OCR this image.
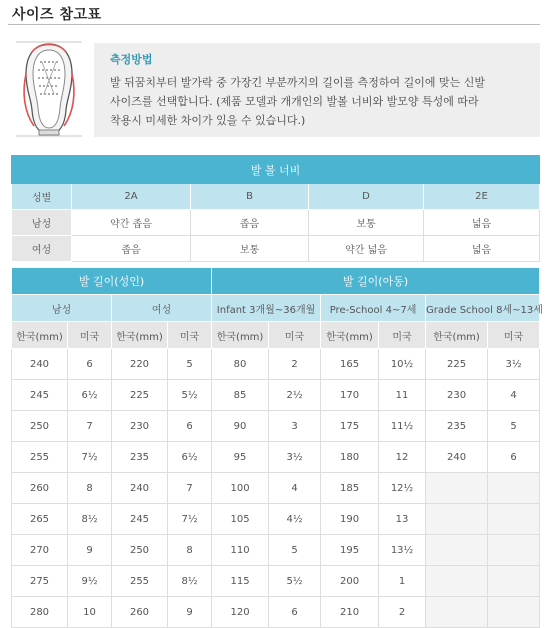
사이즈 참고표
측정방법
발 뒤꿈치부터 발가락 중 가장긴 부분까지의 길이를 측정하여 길이에 맞는 신발
사이즈를 선택합니다. (제품 모델과 개개인의 발볼 너비와 발모양 특성에 따라
착용시 미세한 차이가 있을 수 있습니다.)
발 볼 너비				
성별	2A	B	D	2E
남성	약간 좁음	좁음	보통	넓음
여성	좁음	보통	약간 넓음	넓음
발 길이(성인)				발 길이(아동)					
남성		여성		Infant 3개월~36개월		Pre-School 4~7세		Grade School 8세~13세	
한국(mm)	미국	한국(mm)	미국	한국(mm)	미국	한국(mm)	미국	한국(mm)	미국
240	6	220	5	80	2	165	10½	225	3½
245	6½	225	5½	85	2½	170	11	230	4
250	7	230	6	90	3	175	11½	235	5
255	7½	235	6½	95	3½	180	12	240	6
260	8	240	7	100	4	185	12½		
265	8½	245	7½	105	4½	190	13		
270	9	250	8	110	5	195	13½		
275	9½	255	8½	115	5½	200	1		
280	10	260	9	120	6	210	2		
